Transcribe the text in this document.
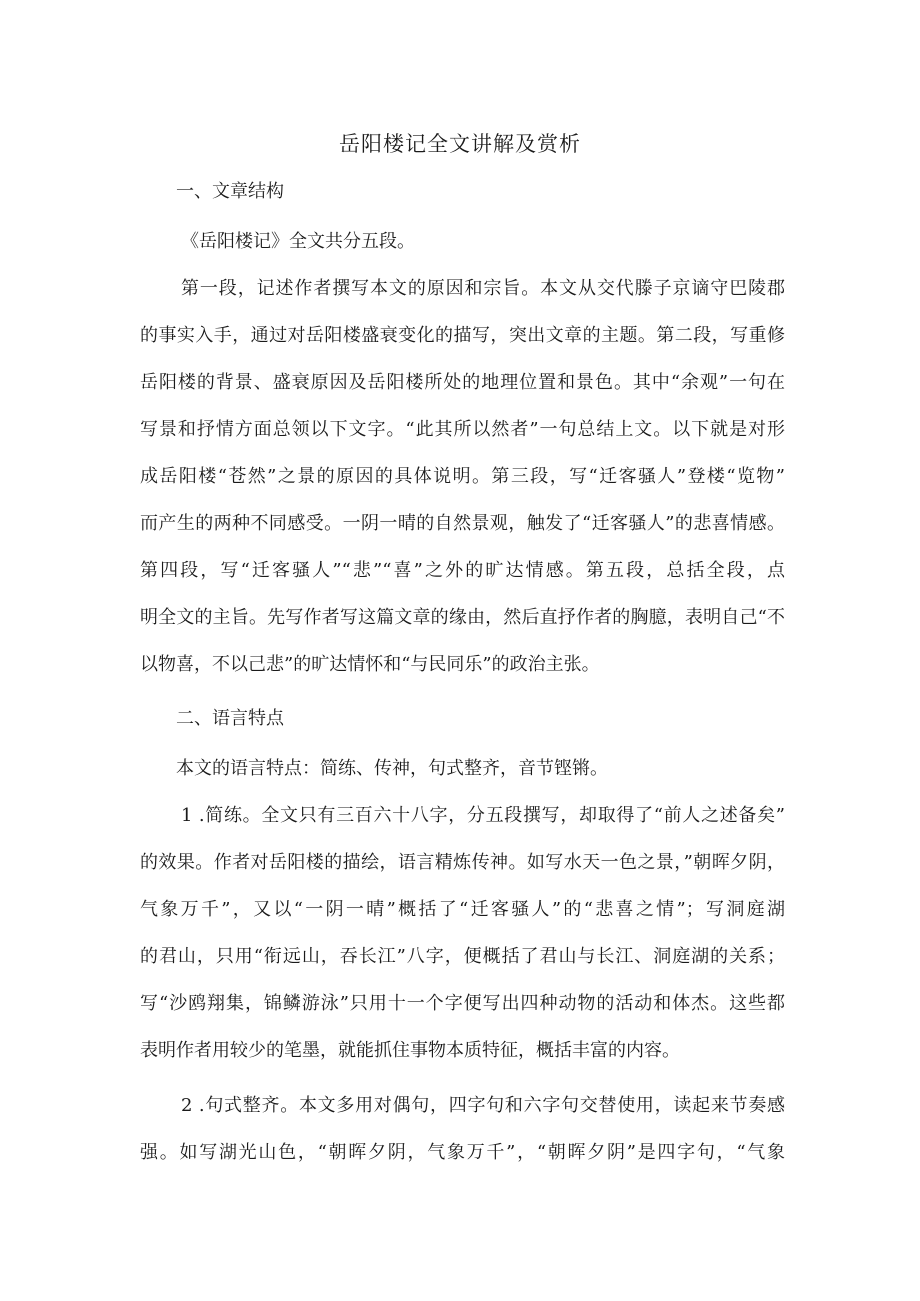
岳阳楼记全文讲解及赏析
一、文章结构
《岳阳楼记》全文共分五段。
第一段，记述作者撰写本文的原因和宗旨。本文从交代滕子京谪守巴陵郡
的事实入手，通过对岳阳楼盛衰变化的描写，突出文章的主题。第二段，写重修
岳阳楼的背景、盛衰原因及岳阳楼所处的地理位置和景色。其中“余观”一句在
写景和抒情方面总领以下文字。“此其所以然者”一句总结上文。以下就是对形
成岳阳楼“苍然”之景的原因的具体说明。第三段，写“迁客骚人”登楼“览物”
而产生的两种不同感受。一阴一晴的自然景观，触发了“迁客骚人”的悲喜情感。
第四段，写“迁客骚人”“悲”“喜”之外的旷达情感。第五段，总括全段，点
明全文的主旨。先写作者写这篇文章的缘由，然后直抒作者的胸臆，表明自己“不
以物喜，不以己悲”的旷达情怀和“与民同乐”的政治主张。
二、语言特点
本文的语言特点：简练、传神，句式整齐，音节铿锵。
1 .简练。全文只有三百六十八字，分五段撰写，却取得了“前人之述备矣”
的效果。作者对岳阳楼的描绘，语言精炼传神。如写水天一色之景，”朝晖夕阴，
气象万千”，又以“一阴一晴”概括了“迁客骚人”的“悲喜之情”；写洞庭湖
的君山，只用“衔远山，吞长江”八字，便概括了君山与长江、洞庭湖的关系；
写“沙鸥翔集，锦鳞游泳”只用十一个字便写出四种动物的活动和体杰。这些都
表明作者用较少的笔墨，就能抓住事物本质特征，概括丰富的内容。
2 .句式整齐。本文多用对偶句，四字句和六字句交替使用，读起来节奏感
强。如写湖光山色，“朝晖夕阴，气象万千”，“朝晖夕阴”是四字句，“气象
